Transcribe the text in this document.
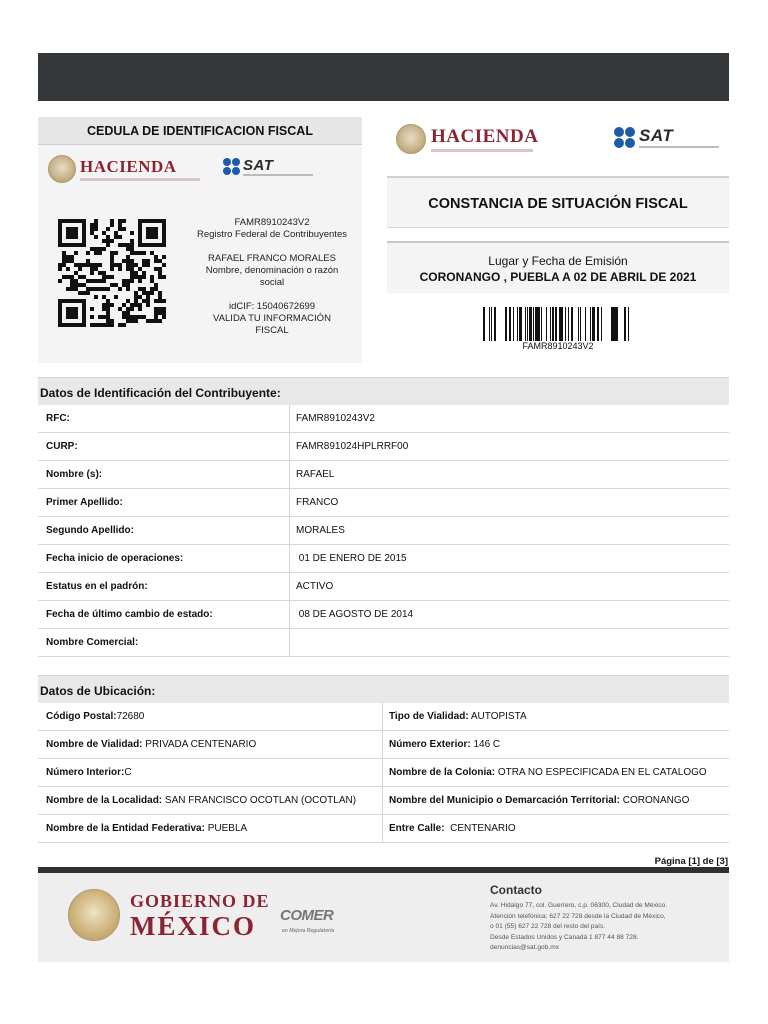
CEDULA DE IDENTIFICACION FISCAL
HACIENDA	SAT

FAMR8910243V2

Registro Federal de Contribuyentes

RAFAEL FRANCO MORALES

Nombre, denominación o razón

social

idCIF: 15040672699

VALIDA TU INFORMACIÓN

FISCAL

HACIENDA	SAT
CONSTANCIA DE SITUACIÓN FISCAL
Lugar y Fecha de Emisión
CORONANGO , PUEBLA A 02 DE ABRIL DE 2021
FAMR8910243V2
Datos de Identificación del Contribuyente:
RFC:	FAMR8910243V2
CURP:	FAMR891024HPLRRF00
Nombre (s):	RAFAEL
Primer Apellido:	FRANCO
Segundo Apellido:	MORALES
Fecha inicio de operaciones:	01 DE ENERO DE 2015
Estatus en el padrón:	ACTIVO
Fecha de último cambio de estado:	08 DE AGOSTO DE 2014
Nombre Comercial:
Datos de Ubicación:
Código Postal:72680	Tipo de Vialidad: AUTOPISTA
Nombre de Vialidad: PRIVADA CENTENARIO	Número Exterior: 146 C
Número Interior:C	Nombre de la Colonia: OTRA NO ESPECIFICADA EN EL CATALOGO
Nombre de la Localidad: SAN FRANCISCO OCOTLAN (OCOTLAN)	Nombre del Municipio o Demarcación Territorial: CORONANGO
Nombre de la Entidad Federativa: PUEBLA	Entre Calle:  CENTENARIO
Página [1] de [3]
GOBIERNO DE
MÉXICO	COMER
en Mejora Regulatoria
Contacto
Av. Hidalgo 77, col. Guerrero, c.p. 06300, Ciudad de México.
Atención telefónica: 627 22 728 desde la Ciudad de México,
o 01 (55) 627 22 728 del resto del país.
Desde Estados Unidos y Canadá 1 877 44 88 728.
denuncias@sat.gob.mx
